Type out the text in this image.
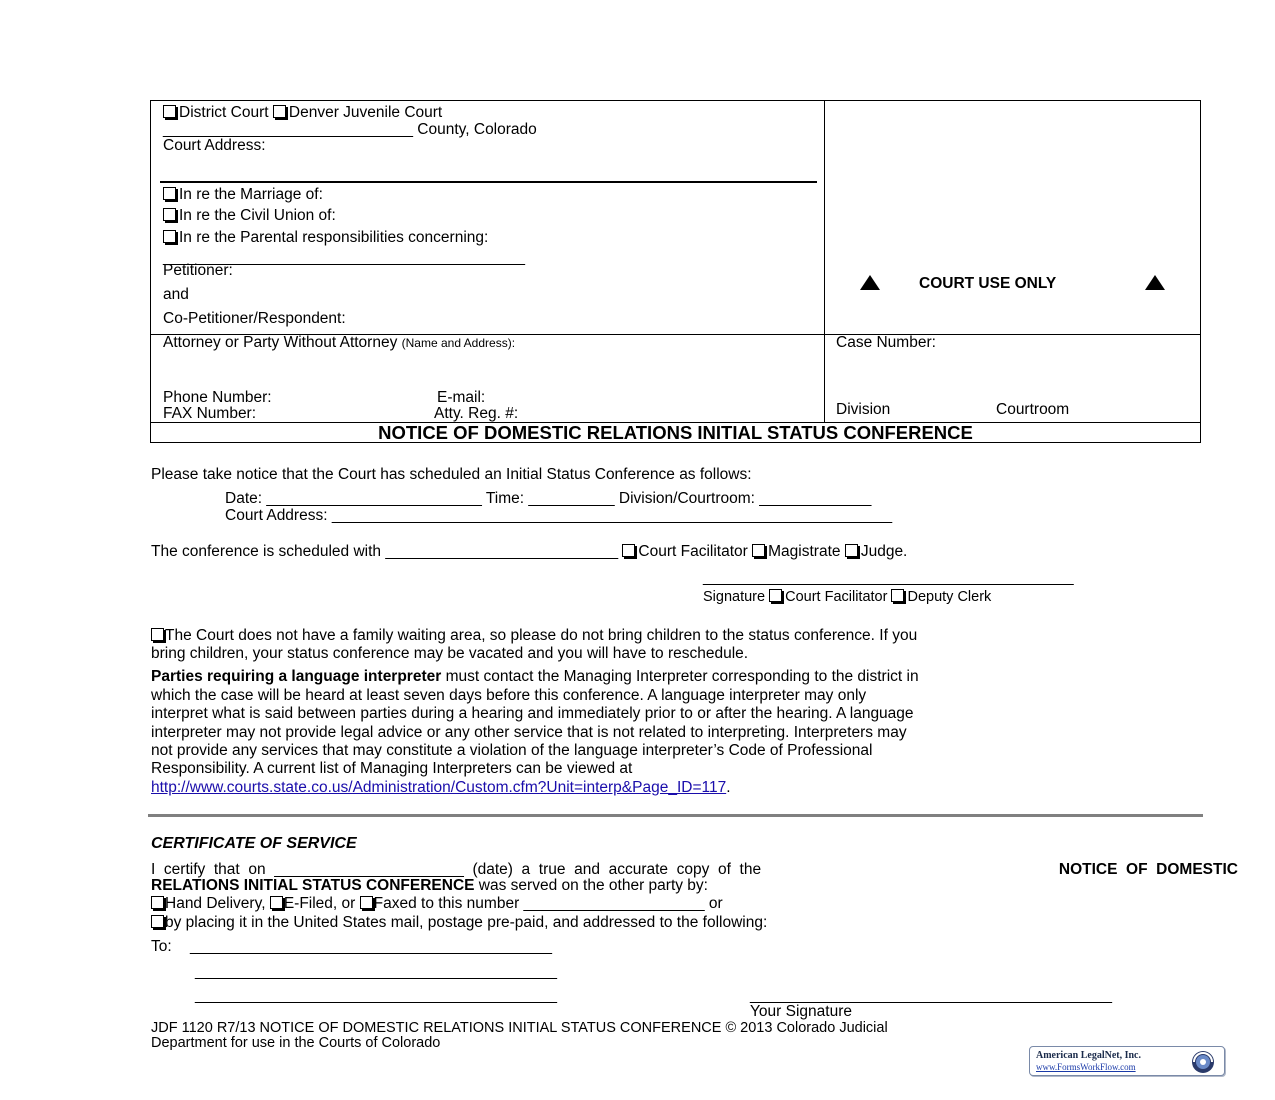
District Court Denver Juvenile Court
_____________________________ County, Colorado
Court Address:
In re the Marriage of:
In re the Civil Union of:
In re the Parental responsibilities concerning:
__________________________________________
Petitioner:
and
Co-Petitioner/Respondent:
Attorney or Party Without Attorney (Name and Address):
Phone Number:	E-mail:
FAX Number:	Atty. Reg. #:
COURT USE ONLY
Case Number:
Division	Courtroom
NOTICE OF DOMESTIC RELATIONS INITIAL STATUS CONFERENCE
Please take notice that the Court has scheduled an Initial Status Conference as follows:
Date: _________________________ Time: __________ Division/Courtroom: _____________
Court Address: _________________________________________________________________
The conference is scheduled with ___________________________ Court Facilitator Magistrate Judge.
___________________________________________
Signature Court Facilitator Deputy Clerk
The Court does not have a family waiting area, so please do not bring children to the status conference. If you
bring children, your status conference may be vacated and you will have to reschedule.
Parties requiring a language interpreter must contact the Managing Interpreter corresponding to the district in
which the case will be heard at least seven days before this conference. A language interpreter may only
interpret what is said between parties during a hearing and immediately prior to or after the hearing. A language
interpreter may not provide legal advice or any other service that is not related to interpreting. Interpreters may
not provide any services that may constitute a violation of the language interpreter’s Code of Professional
Responsibility. A current list of Managing Interpreters can be viewed at
http://www.courts.state.co.us/Administration/Custom.cfm?Unit=interp&Page_ID=117.
CERTIFICATE OF SERVICE
I  certify  that  on  ______________________  (date)  a  true  and  accurate  copy  of  the	NOTICE  OF  DOMESTIC
RELATIONS INITIAL STATUS CONFERENCE was served on the other party by:
Hand Delivery, E-Filed, or Faxed to this number _____________________ or
by placing it in the United States mail, postage pre-paid, and addressed to the following:
To: __________________________________________
__________________________________________
__________________________________________	__________________________________________
Your Signature
JDF 1120 R7/13 NOTICE OF DOMESTIC RELATIONS INITIAL STATUS CONFERENCE © 2013 Colorado Judicial
Department for use in the Courts of Colorado
American LegalNet, Inc.
www.FormsWorkFlow.com
